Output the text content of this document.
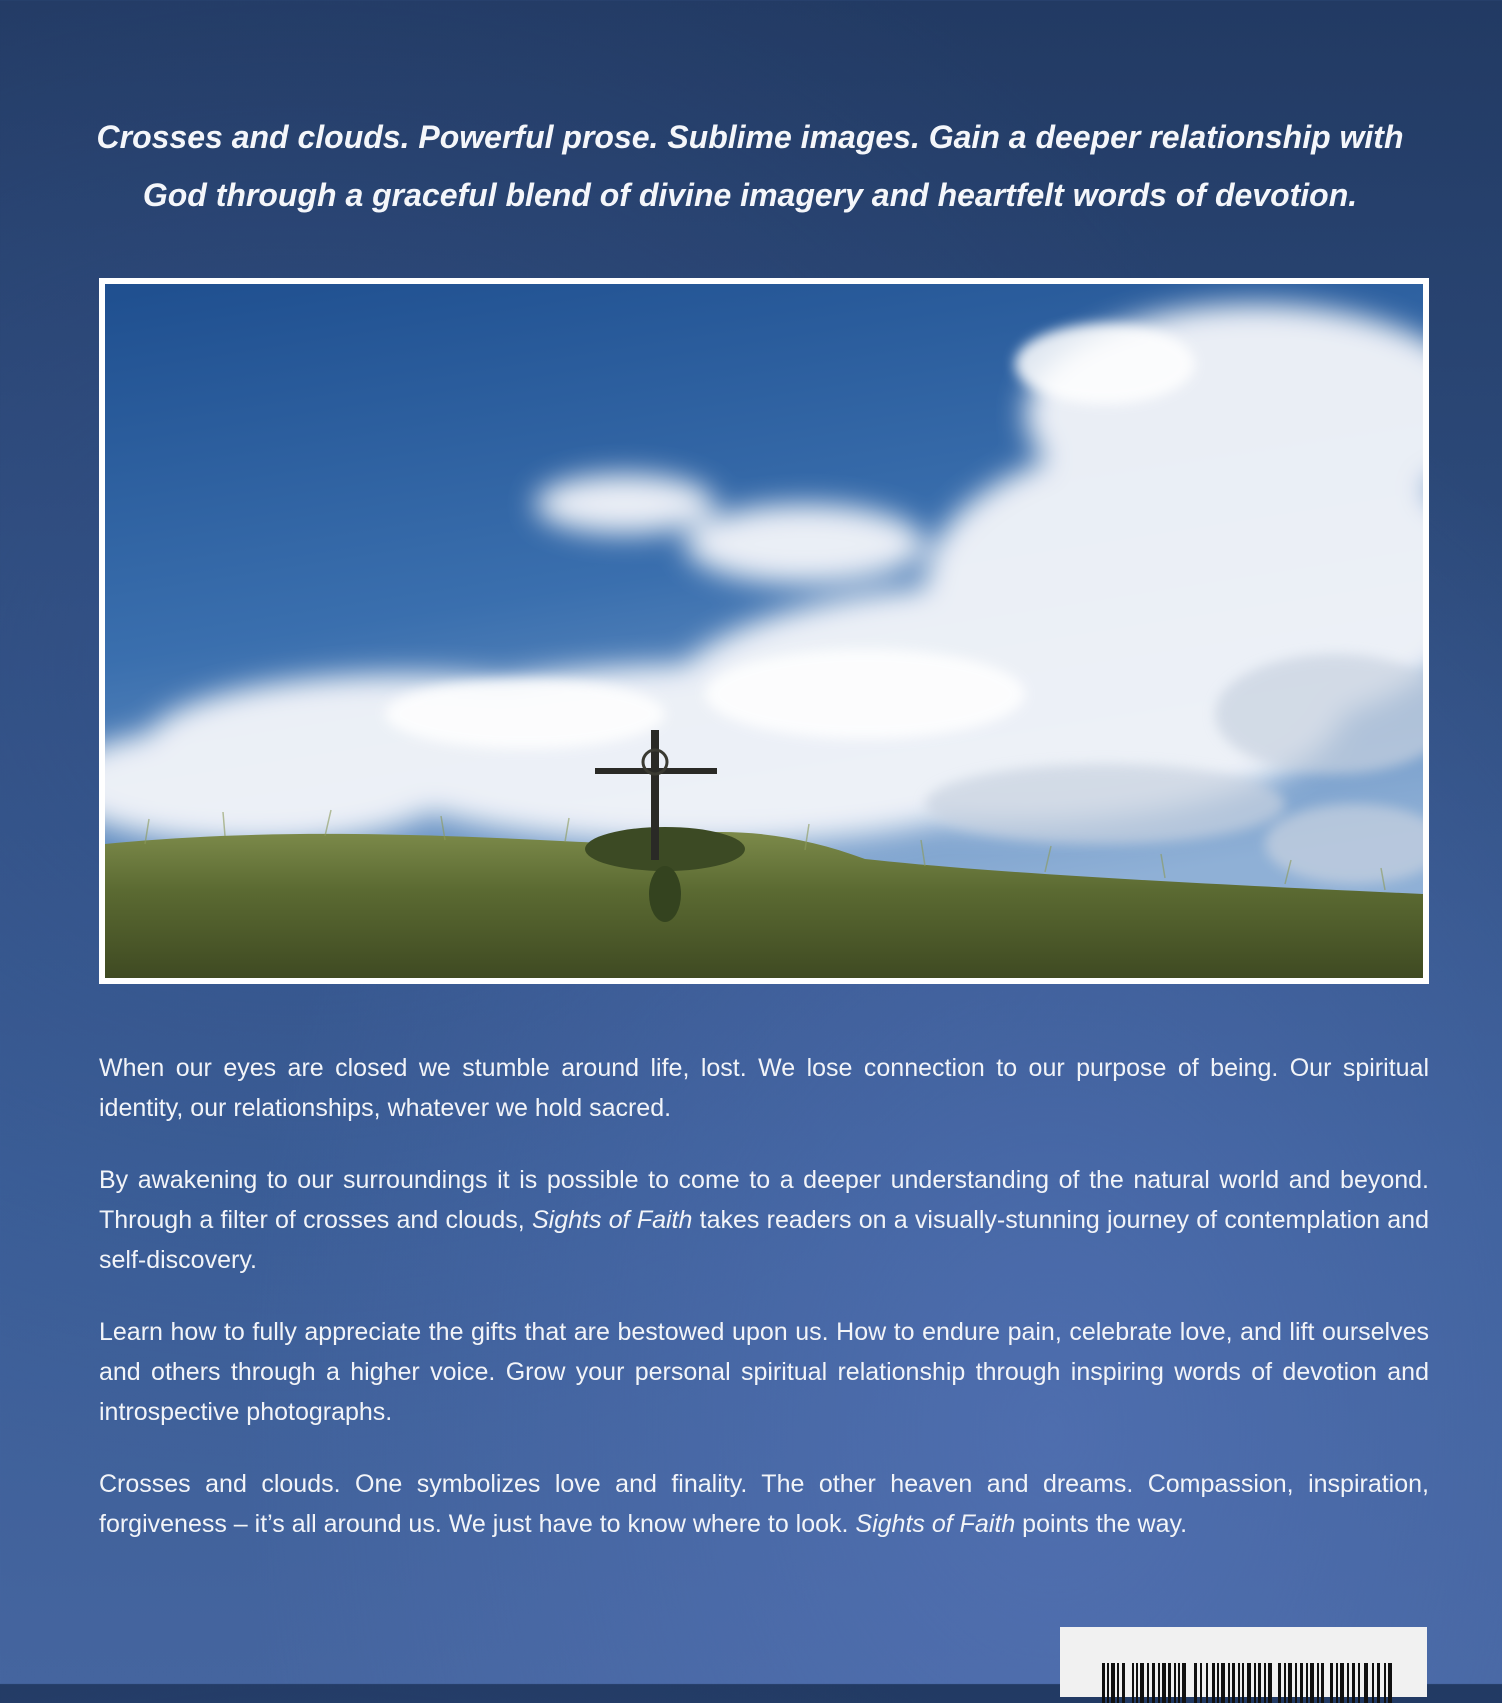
Crosses and clouds. Powerful prose. Sublime images. Gain a deeper relationship with
God through a graceful blend of divine imagery and heartfelt words of devotion.

When our eyes are closed we stumble around life, lost. We lose connection to our purpose of being. Our spiritual identity, our relationships, whatever we hold sacred.

By awakening to our surroundings it is possible to come to a deeper understanding of the natural world and beyond. Through a filter of crosses and clouds, Sights of Faith takes readers on a visually-stunning journey of contemplation and self-discovery.

Learn how to fully appreciate the gifts that are bestowed upon us. How to endure pain, celebrate love, and lift ourselves and others through a higher voice. Grow your personal spiritual relationship through inspiring words of devotion and introspective photographs.

Crosses and clouds. One symbolizes love and finality. The other heaven and dreams. Compassion, inspiration, forgiveness – it’s all around us. We just have to know where to look. Sights of Faith points the way.
